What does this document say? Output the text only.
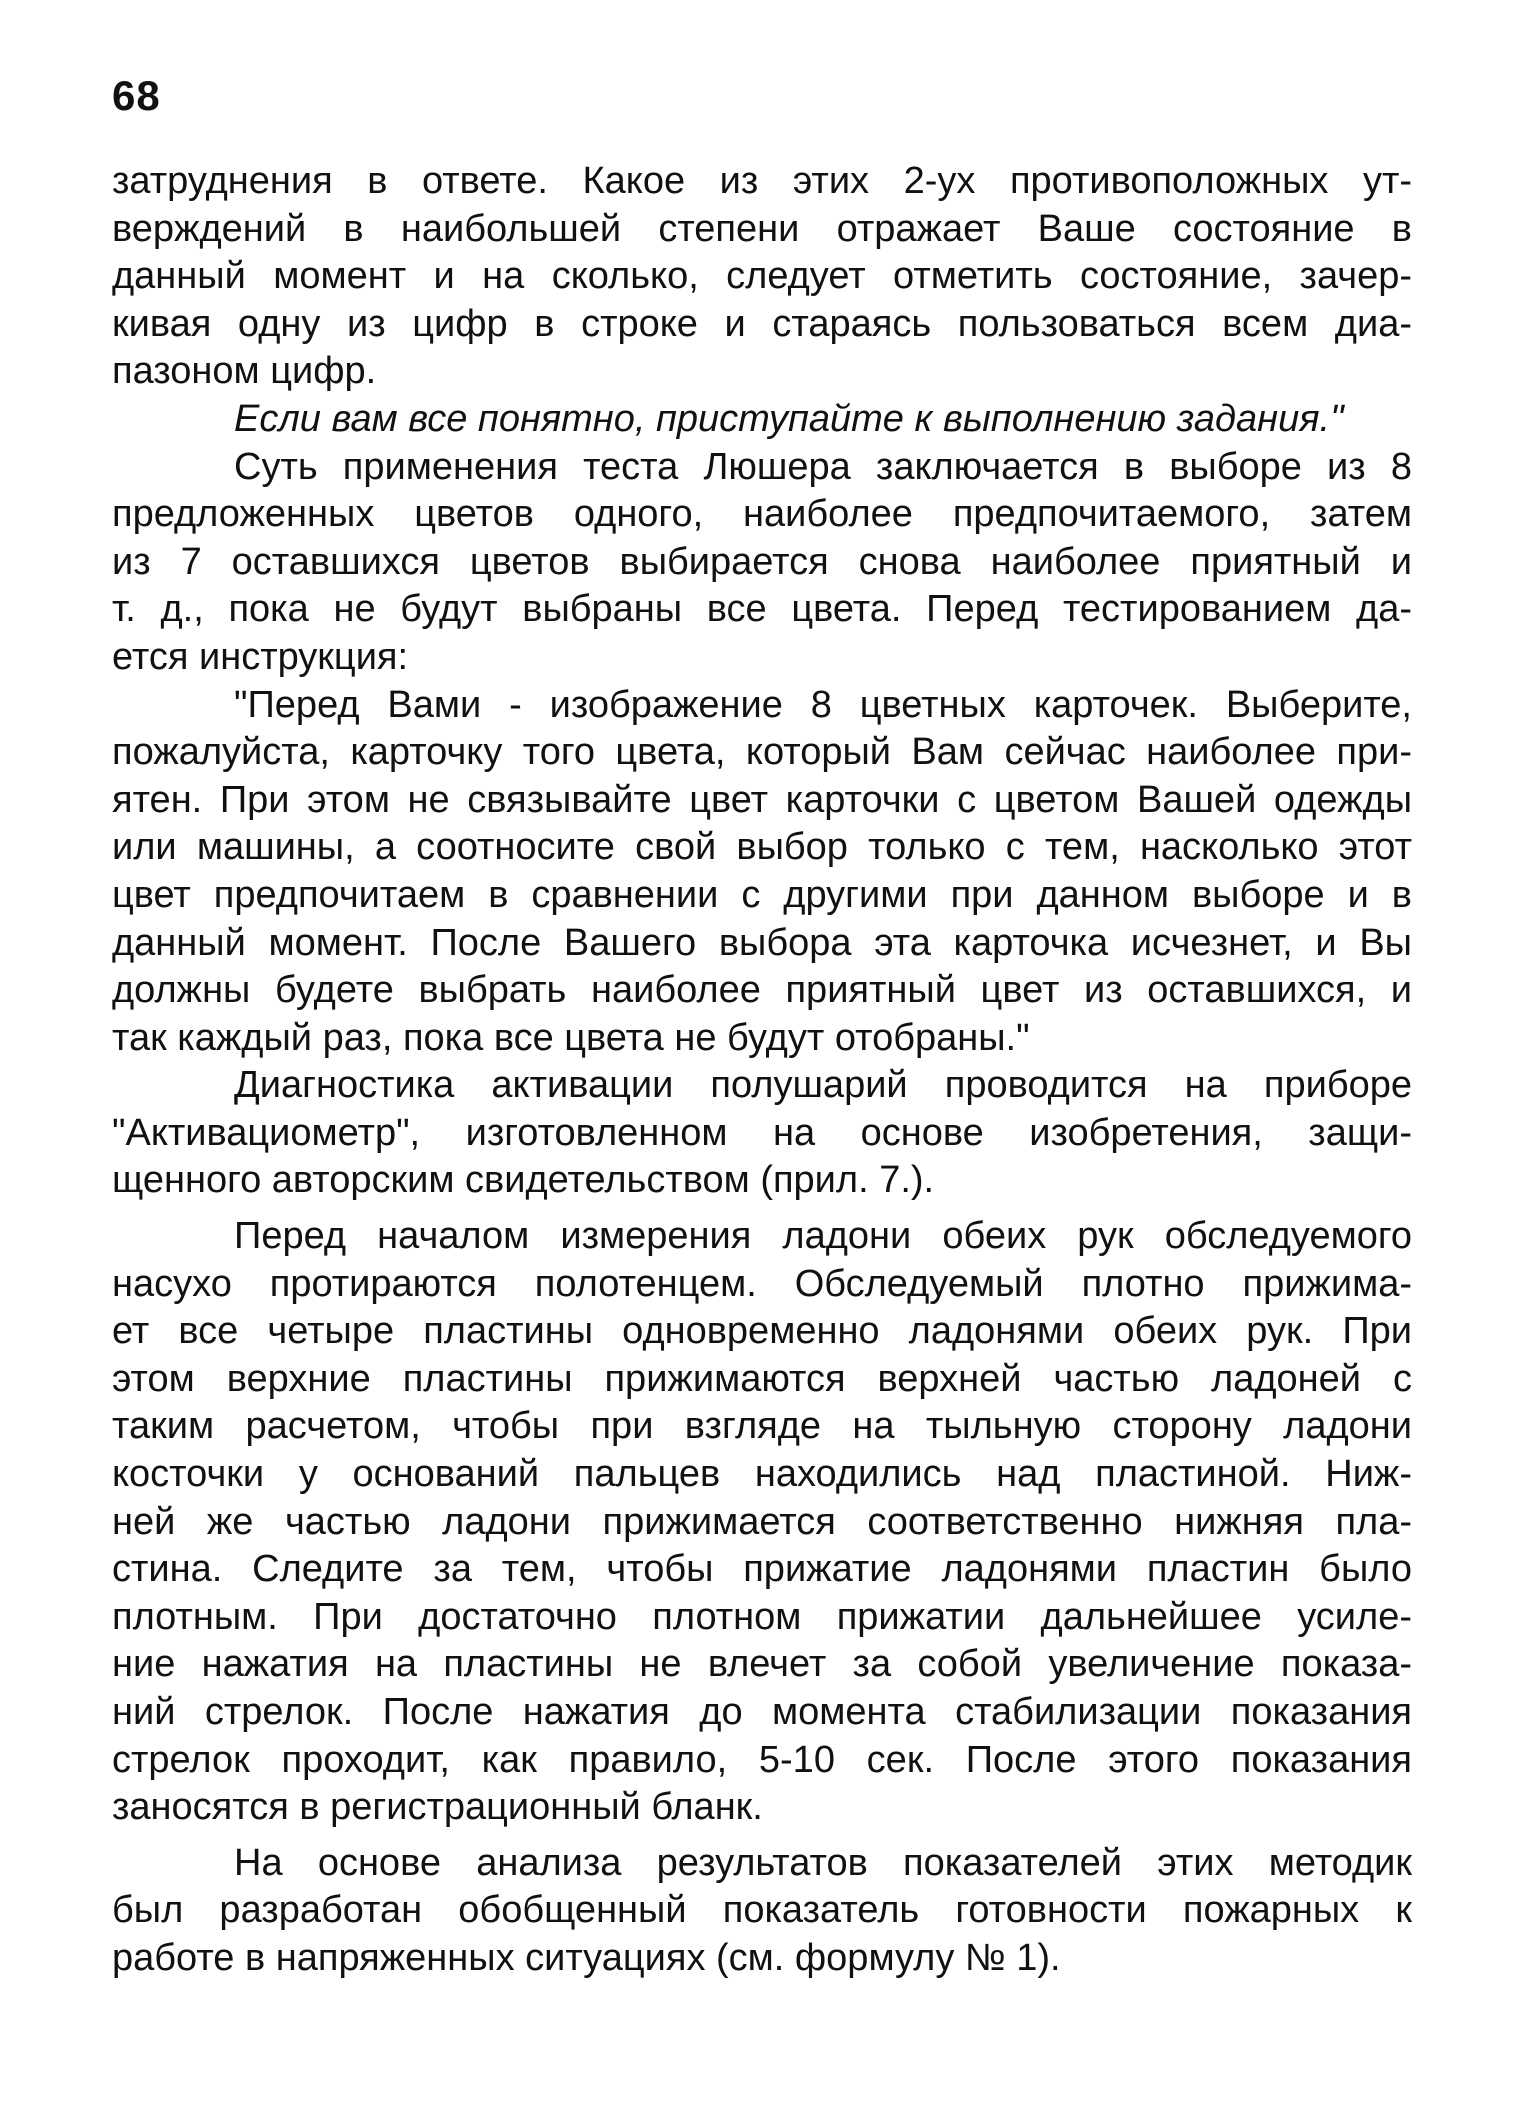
68
затруднения в ответе. Какое из этих 2-ух противоположных ут-
верждений в наибольшей степени отражает Ваше состояние в
данный момент и на сколько, следует отметить состояние, зачер-
кивая одну из цифр в строке и стараясь пользоваться всем диа-
пазоном цифр.
Если вам все понятно, приступайте к выполнению задания."
Суть применения теста Люшера заключается в выборе из 8
предложенных цветов одного, наиболее предпочитаемого, затем
из 7 оставшихся цветов выбирается снова наиболее приятный и
т. д., пока не будут выбраны все цвета. Перед тестированием да-
ется инструкция:
"Перед Вами - изображение 8 цветных карточек. Выберите,
пожалуйста, карточку того цвета, который Вам сейчас наиболее при-
ятен. При этом не связывайте цвет карточки с цветом Вашей одежды
или машины, а соотносите свой выбор только с тем, насколько этот
цвет предпочитаем в сравнении с другими при данном выборе и в
данный момент. После Вашего выбора эта карточка исчезнет, и Вы
должны будете выбрать наиболее приятный цвет из оставшихся, и
так каждый раз, пока все цвета не будут отобраны."
Диагностика активации полушарий проводится на приборе
"Активациометр", изготовленном на основе изобретения, защи-
щенного авторским свидетельством (прил. 7.).
Перед началом измерения ладони обеих рук обследуемого
насухо протираются полотенцем. Обследуемый плотно прижима-
ет все четыре пластины одновременно ладонями обеих рук. При
этом верхние пластины прижимаются верхней частью ладоней с
таким расчетом, чтобы при взгляде на тыльную сторону ладони
косточки у оснований пальцев находились над пластиной. Ниж-
ней же частью ладони прижимается соответственно нижняя пла-
стина. Следите за тем, чтобы прижатие ладонями пластин было
плотным. При достаточно плотном прижатии дальнейшее усиле-
ние нажатия на пластины не влечет за собой увеличение показа-
ний стрелок. После нажатия до момента стабилизации показания
стрелок проходит, как правило, 5-10 сек. После этого показания
заносятся в регистрационный бланк.
На основе анализа результатов показателей этих методик
был разработан обобщенный показатель готовности пожарных к
работе в напряженных ситуациях (см. формулу № 1).
